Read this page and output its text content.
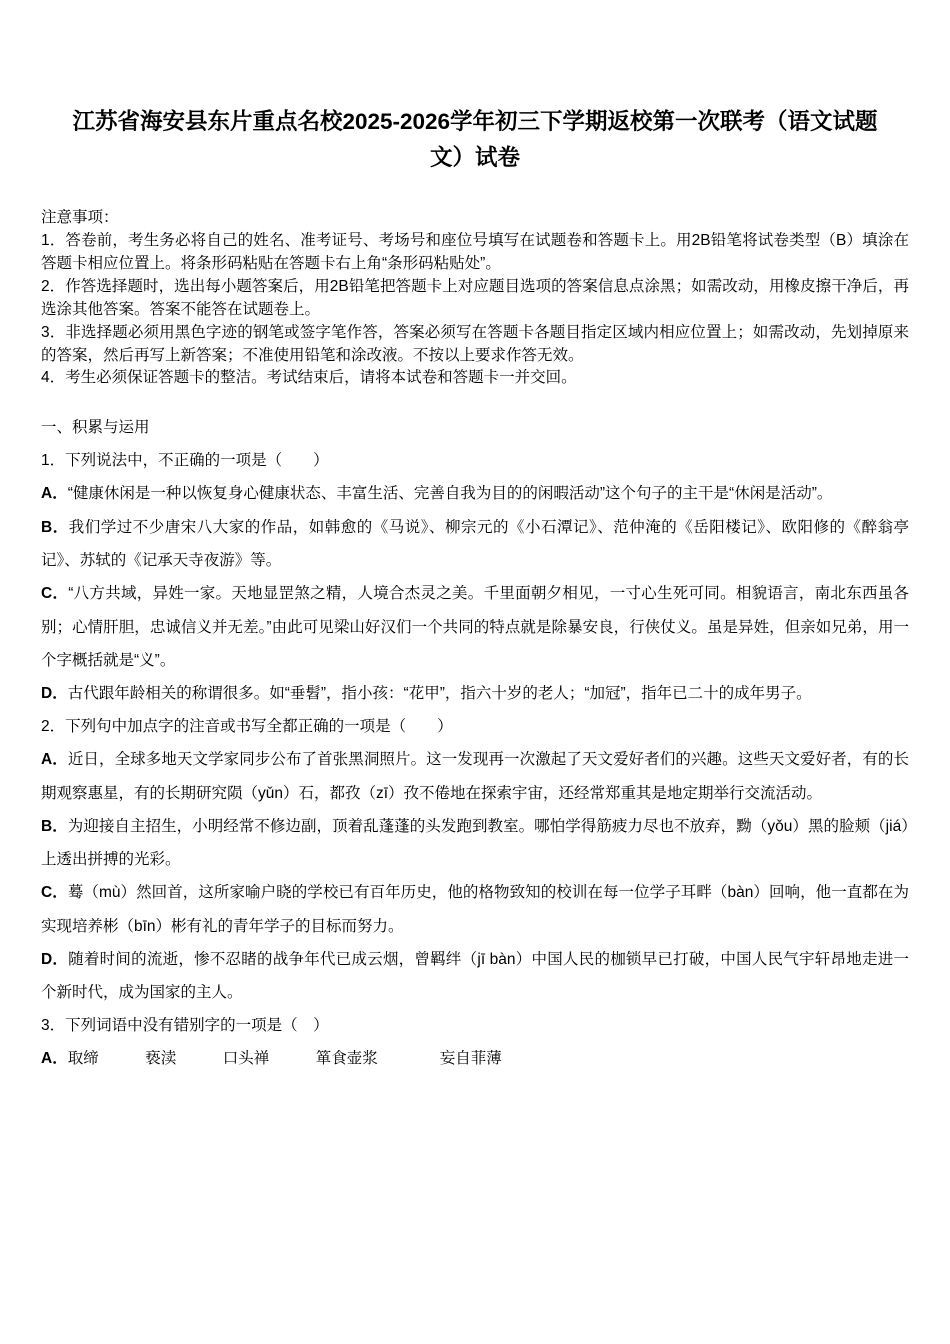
江苏省海安县东片重点名校2025-2026学年初三下学期返校第一次联考（语文试题文）试卷

注意事项：

1．答卷前，考生务必将自己的姓名、准考证号、考场号和座位号填写在试题卷和答题卡上。用2B铅笔将试卷类型（B）填涂在答题卡相应位置上。将条形码粘贴在答题卡右上角“条形码粘贴处”。

2．作答选择题时，选出每小题答案后，用2B铅笔把答题卡上对应题目选项的答案信息点涂黑；如需改动，用橡皮擦干净后，再选涂其他答案。答案不能答在试题卷上。

3．非选择题必须用黑色字迹的钢笔或签字笔作答，答案必须写在答题卡各题目指定区域内相应位置上；如需改动，先划掉原来的答案，然后再写上新答案；不准使用铅笔和涂改液。不按以上要求作答无效。

4．考生必须保证答题卡的整洁。考试结束后，请将本试卷和答题卡一并交回。

一、积累与运用

1．下列说法中，不正确的一项是（　　）

A．“健康休闲是一种以恢复身心健康状态、丰富生活、完善自我为目的的闲暇活动”这个句子的主干是“休闲是活动”。

B．我们学过不少唐宋八大家的作品，如韩愈的《马说》、柳宗元的《小石潭记》、范仲淹的《岳阳楼记》、欧阳修的《醉翁亭记》、苏轼的《记承天寺夜游》等。

C．“八方共域，异姓一家。天地显罡煞之精，人境合杰灵之美。千里面朝夕相见，一寸心生死可同。相貌语言，南北东西虽各别；心情肝胆，忠诚信义并无差。”由此可见梁山好汉们一个共同的特点就是除暴安良，行侠仗义。虽是异姓，但亲如兄弟，用一个字概括就是“义”。

D．古代跟年龄相关的称谓很多。如“垂髫”，指小孩：“花甲”，指六十岁的老人；“加冠”，指年已二十的成年男子。

2．下列句中加点字的注音或书写全都正确的一项是（　　）

A．近日，全球多地天文学家同步公布了首张黑洞照片。这一发现再一次激起了天文爱好者们的兴趣。这些天文爱好者，有的长期观察惠星，有的长期研究陨（yǔn）石，都孜（zī）孜不倦地在探索宇宙，还经常郑重其是地定期举行交流活动。

B．为迎接自主招生，小明经常不修边副，顶着乱蓬蓬的头发跑到教室。哪怕学得筋疲力尽也不放弃，黝（yǒu）黑的脸颊（jiá）上透出拼搏的光彩。

C．蓦（mù）然回首，这所家喻户晓的学校已有百年历史，他的格物致知的校训在每一位学子耳畔（bàn）回响，他一直都在为实现培养彬（bīn）彬有礼的青年学子的目标而努力。

D．随着时间的流逝，惨不忍睹的战争年代已成云烟，曾羁绊（jī bàn）中国人民的枷锁早已打破，中国人民气宇轩昂地走进一个新时代，成为国家的主人。

3．下列词语中没有错别字的一项是（　）

A．取缔　　　亵渎　　　口头禅　　　箪食壶浆　　　　妄自菲薄
